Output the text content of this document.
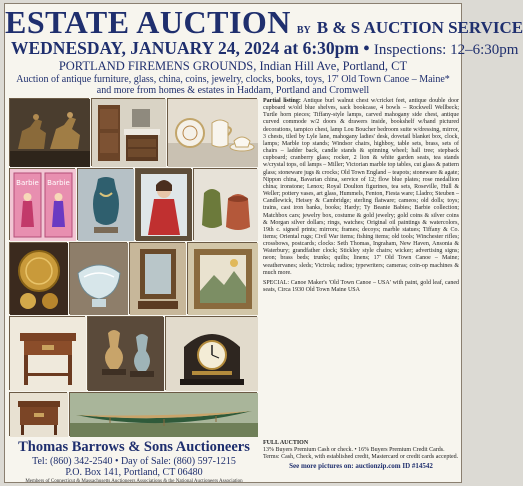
ESTATE AUCTION BY B & S AUCTION SERVICE
WEDNESDAY, JANUARY 24, 2024 at 6:30pm • Inspections: 12–6:30pm
PORTLAND FIREMENS GROUNDS, Indian Hill Ave, Portland, CT
Auction of antique furniture, glass, china, coins, jewelry, clocks, books, toys, 17' Old Town Canoe – Maine* and more from homes & estates in Haddam, Portland and Cromwell
Barbie Barbie

Partial listing: Antique burl walnut chest w/cricket feet, antique double door cupboard w/old blue shelves, sack bookcase, 4 bowls – Rockwell Wellbeck; Turtle horn pieces; Tiffany-style lamps, carved mahogany side chest, antique curved commode w/2 doors & drawers inside, bookshelf w/hand pictured decorations, tampico chest, lamp Lou Boucher bedroom suite w/dressing, mirror, 3 chests, tiled by Lyle lane, mahogany ladies' desk, dovetail blanket box, clock, lamps; Marble top stands; Windsor chairs, highboy, table sets, brass, sets of chairs – ladder back, candle stands & spinning wheel; hall tree; stepback cupboard; cranberry glass; rocker, 2 lion & white garden seats, tea stands w/crystal tops, oil lamps – Miller; Victorian marble top tables, cut glass & pattern glass; stoneware jugs & crocks; Old Town England – teapots; stoneware & agate; Nippon china, Bavarian china, service of 12; flow blue plates; rose medallion china; ironstone; Lenox; Royal Doulton figurines, tea sets, Roseville, Hull & Weller; pottery vases, art glass, Hummels, Fenton, Fiesta ware; Lladro; Steuben – Candlewick, Heisey & Cambridge; sterling flatware; cameos; old dolls; toys; trains, cast iron banks, books; Hardy; Ty Beanie Babies; Barbie collection; Matchbox cars; jewelry box, costume & gold jewelry; gold coins & silver coins & Morgan silver dollars; rings, watches; Original oil paintings & watercolors, 19th c. signed prints; mirrors; frames; decoys; marble statues; Tiffany & Co. items; Oriental rugs; Civil War items; fishing items; old tools; Winchester rifles; crossbows, postcards; clocks: Seth Thomas, Ingraham, New Haven, Ansonia & Waterbury; grandfather clock; Stickley style chairs; wicker; advertising signs; neon; brass beds; trunks; quilts; linens; 17' Old Town Canoe – Maine; weathervanes; sleds; Victrola; radios; typewriters; cameras; coin-op machines & much more.

SPECIAL: Canoe Maker's 'Old Town Canoe – USA' with paint, gold leaf, caned seats, Circa 1930 Old Town Maine USA

Thomas Barrows & Sons Auctioneers
Tel: (860) 342-2540 • Day of Sale: (860) 597-1215
P.O. Box 141, Portland, CT 06480
Members of Connecticut & Massachusetts Auctioneers Associations & the National Auctioneers Association
FULL AUCTION
13% Buyers Premium Cash or check. • 16% Buyers Premium Credit Cards. Terms: Cash, Check, with established credit, Mastercard or credit cards accepted.
See more pictures on: auctionzip.com ID #14542
